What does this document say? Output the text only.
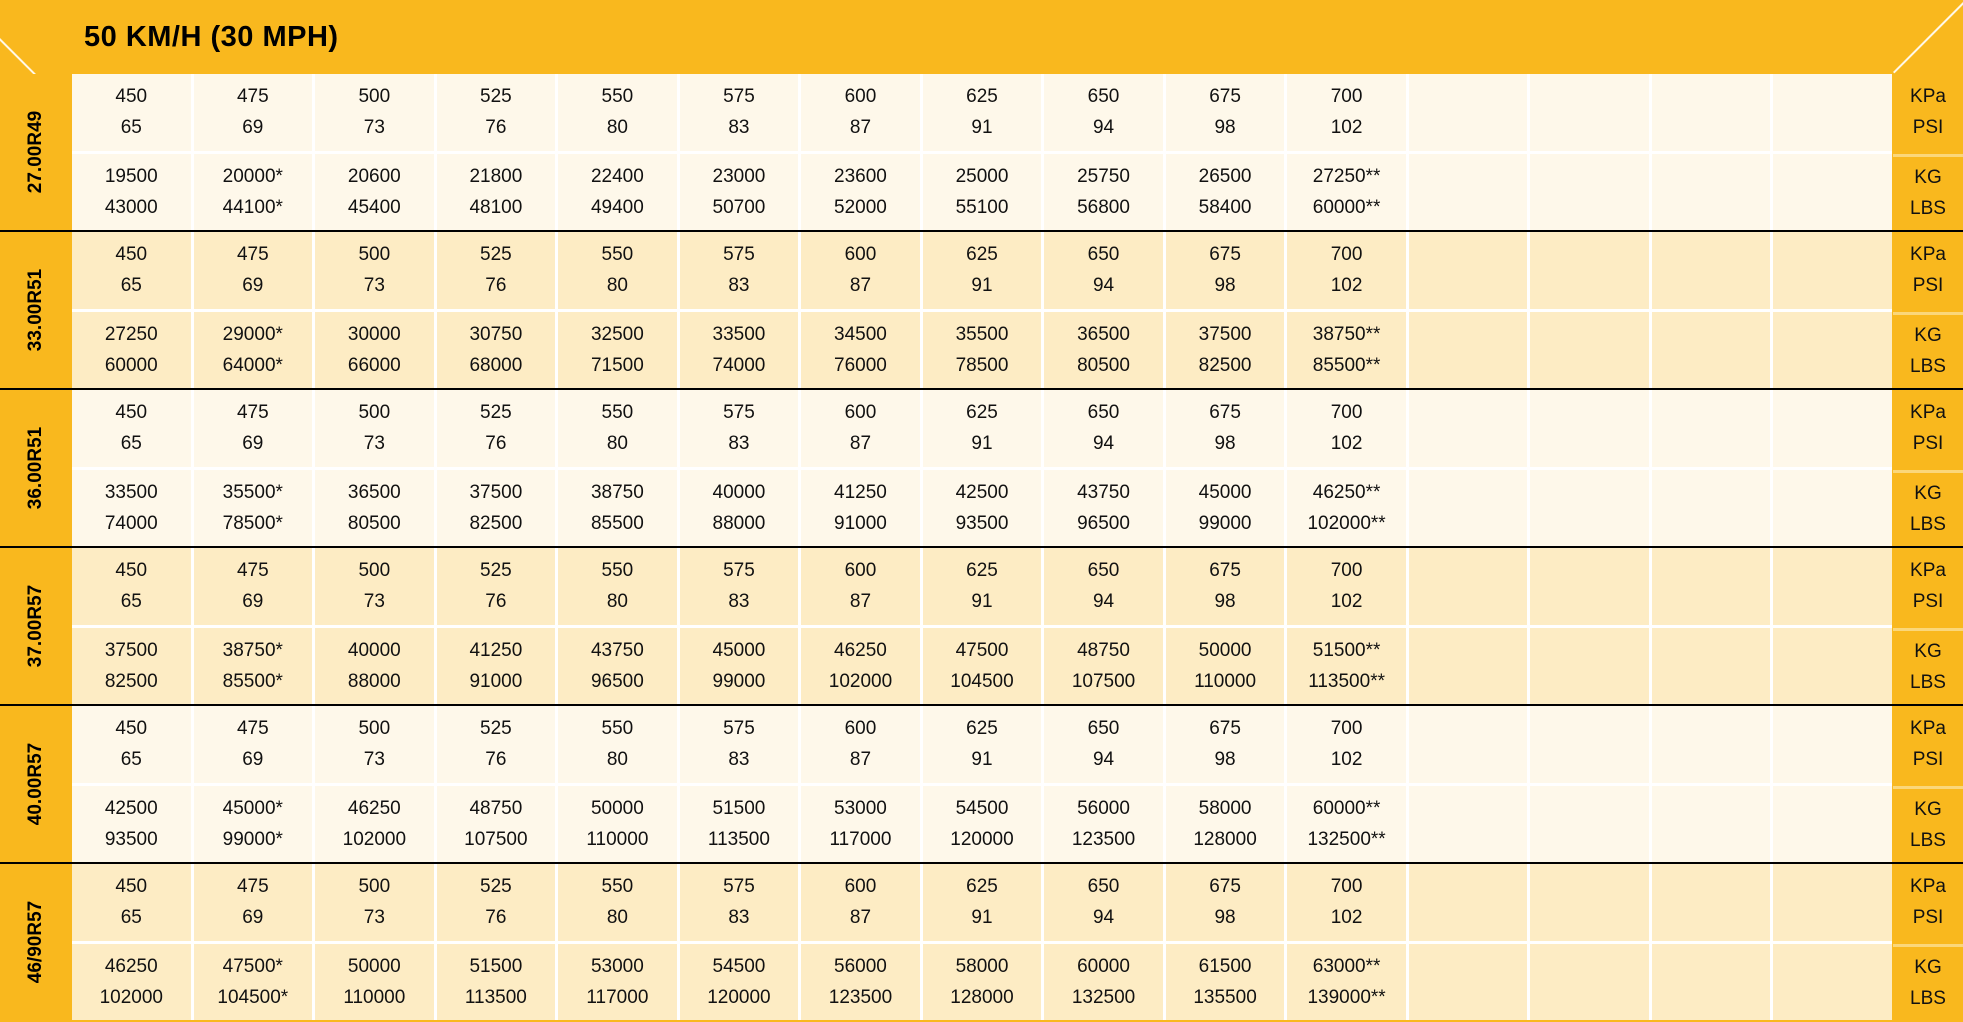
50 KM/H (30 MPH)
27.00R49
450
65
475
69
500
73
525
76
550
80
575
83
600
87
625
91
650
94
675
98
700
102
19500
43000
20000*
44100*
20600
45400
21800
48100
22400
49400
23000
50700
23600
52000
25000
55100
25750
56800
26500
58400
27250**
60000**
KPa
PSI
KG
LBS
33.00R51
450
65
475
69
500
73
525
76
550
80
575
83
600
87
625
91
650
94
675
98
700
102
27250
60000
29000*
64000*
30000
66000
30750
68000
32500
71500
33500
74000
34500
76000
35500
78500
36500
80500
37500
82500
38750**
85500**
KPa
PSI
KG
LBS
36.00R51
450
65
475
69
500
73
525
76
550
80
575
83
600
87
625
91
650
94
675
98
700
102
33500
74000
35500*
78500*
36500
80500
37500
82500
38750
85500
40000
88000
41250
91000
42500
93500
43750
96500
45000
99000
46250**
102000**
KPa
PSI
KG
LBS
37.00R57
450
65
475
69
500
73
525
76
550
80
575
83
600
87
625
91
650
94
675
98
700
102
37500
82500
38750*
85500*
40000
88000
41250
91000
43750
96500
45000
99000
46250
102000
47500
104500
48750
107500
50000
110000
51500**
113500**
KPa
PSI
KG
LBS
40.00R57
450
65
475
69
500
73
525
76
550
80
575
83
600
87
625
91
650
94
675
98
700
102
42500
93500
45000*
99000*
46250
102000
48750
107500
50000
110000
51500
113500
53000
117000
54500
120000
56000
123500
58000
128000
60000**
132500**
KPa
PSI
KG
LBS
46/90R57
450
65
475
69
500
73
525
76
550
80
575
83
600
87
625
91
650
94
675
98
700
102
46250
102000
47500*
104500*
50000
110000
51500
113500
53000
117000
54500
120000
56000
123500
58000
128000
60000
132500
61500
135500
63000**
139000**
KPa
PSI
KG
LBS
